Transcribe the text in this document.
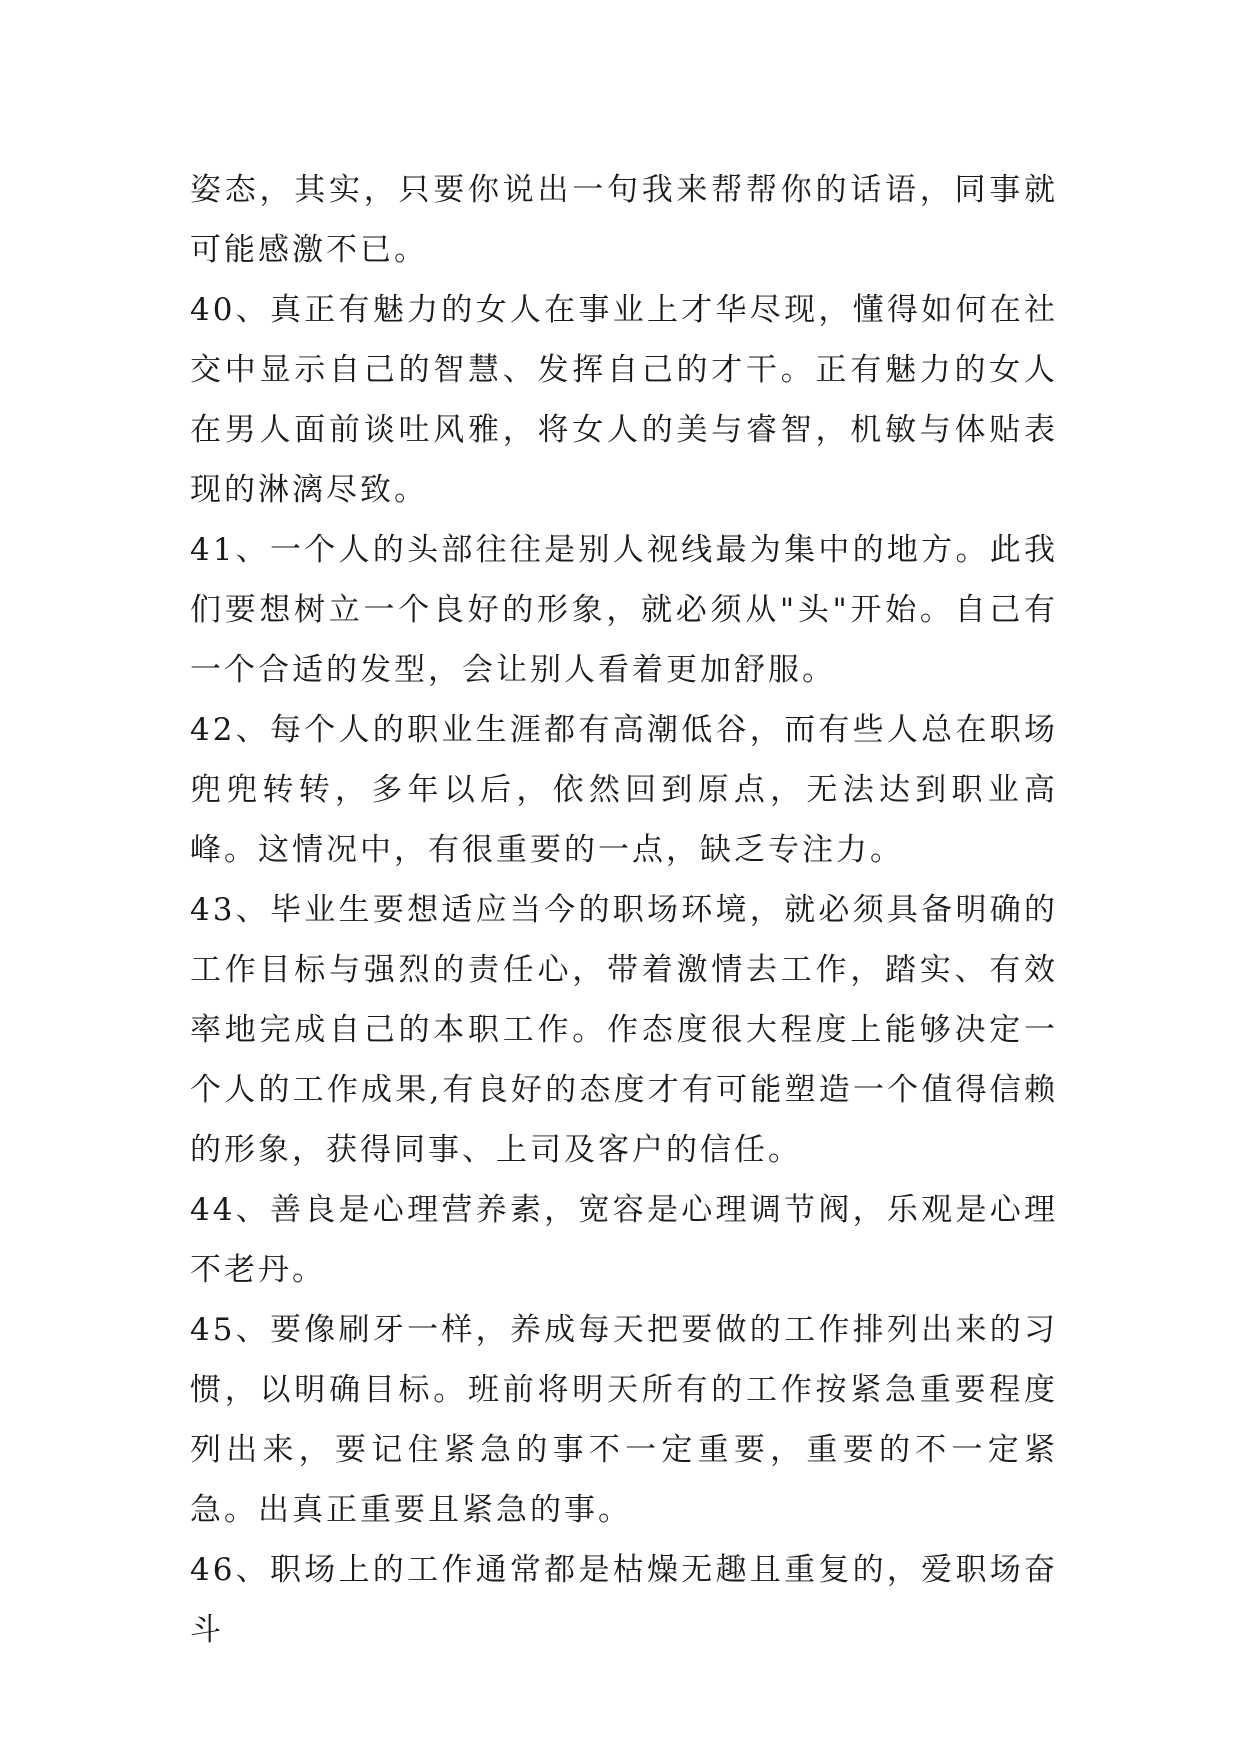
姿态，其实，只要你说出一句我来帮帮你的话语，同事就可能感激不已。

40、真正有魅力的女人在事业上才华尽现，懂得如何在社交中显示自己的智慧、发挥自己的才干。正有魅力的女人在男人面前谈吐风雅，将女人的美与睿智，机敏与体贴表现的淋漓尽致。

41、一个人的头部往往是别人视线最为集中的地方。此我们要想树立一个良好的形象，就必须从"头"开始。自己有一个合适的发型，会让别人看着更加舒服。

42、每个人的职业生涯都有高潮低谷，而有些人总在职场兜兜转转，多年以后，依然回到原点，无法达到职业高峰。这情况中，有很重要的一点，缺乏专注力。

43、毕业生要想适应当今的职场环境，就必须具备明确的工作目标与强烈的责任心，带着激情去工作，踏实、有效率地完成自己的本职工作。作态度很大程度上能够决定一个人的工作成果,有良好的态度才有可能塑造一个值得信赖的形象，获得同事、上司及客户的信任。

44、善良是心理营养素，宽容是心理调节阀，乐观是心理不老丹。

45、要像刷牙一样，养成每天把要做的工作排列出来的习惯，以明确目标。班前将明天所有的工作按紧急重要程度列出来，要记住紧急的事不一定重要，重要的不一定紧急。出真正重要且紧急的事。

46、职场上的工作通常都是枯燥无趣且重复的，爱职场奋斗
